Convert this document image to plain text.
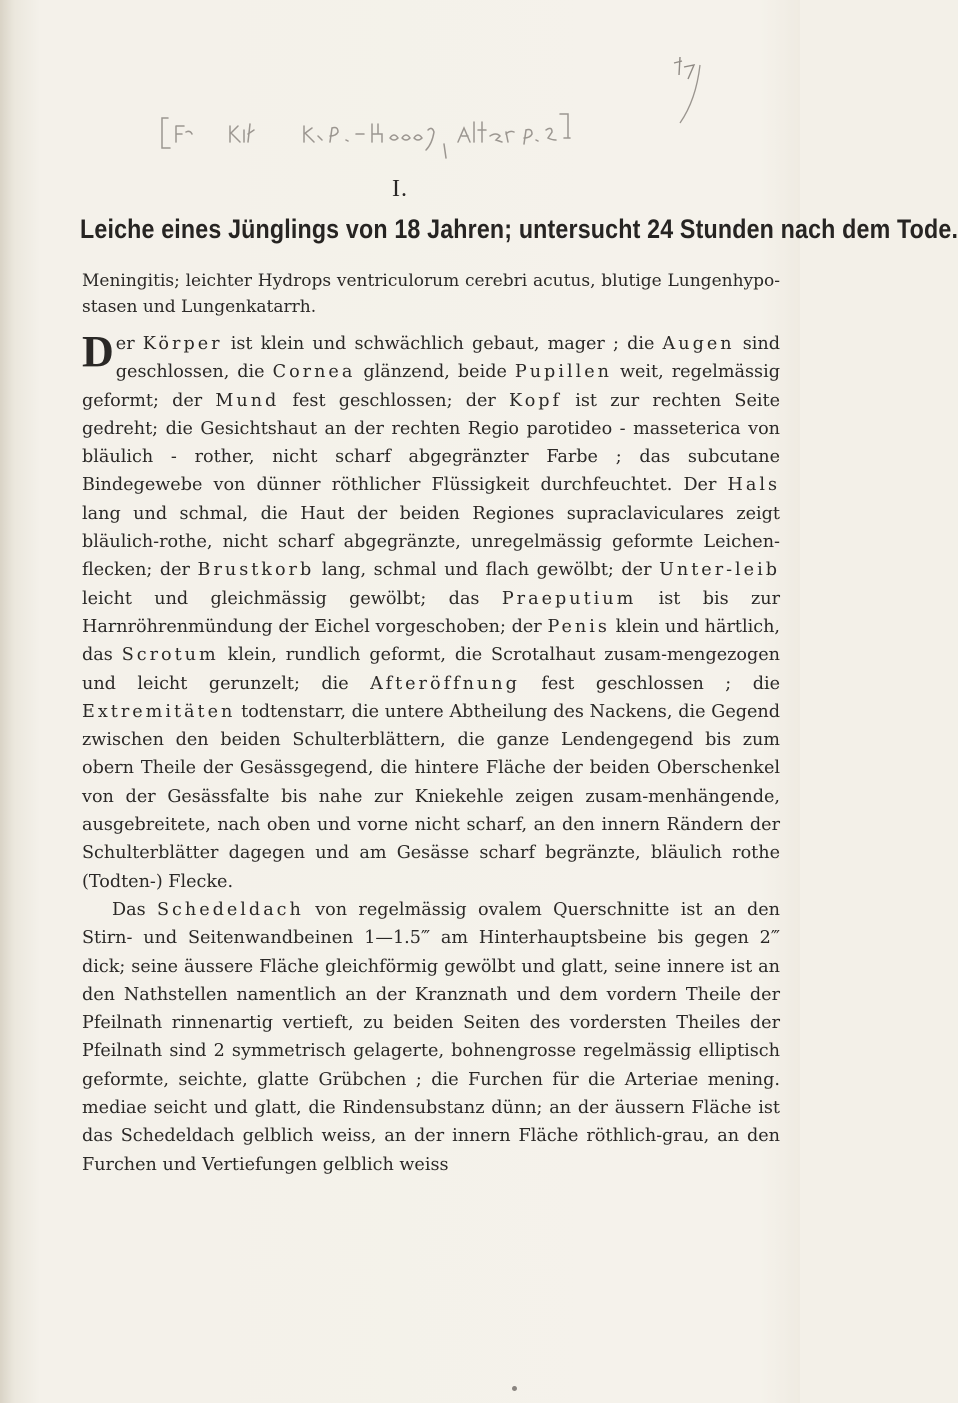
I.
Leiche eines Jünglings von 18 Jahren; untersucht 24 Stunden nach dem Tode.
Meningitis; leichter Hydrops ventriculorum cerebri acutus, blutige Lungenhypo-stasen und Lungenkatarrh.

Der Körper ist klein und schwächlich gebaut, mager ; die Augen sind geschlossen, die Cornea glänzend, beide Pupillen weit, regelmässig geformt; der Mund fest geschlossen; der Kopf ist zur rechten Seite gedreht; die Gesichtshaut an der rechten Regio parotideo - masseterica von bläulich - rother, nicht scharf abgegränzter Farbe ; das subcutane Bindegewebe von dünner röthlicher Flüssigkeit durchfeuchtet. Der Hals lang und schmal, die Haut der beiden Regiones supraclaviculares zeigt bläulich-rothe, nicht scharf abgegränzte, unregelmässig geformte Leichen-flecken; der Brustkorb lang, schmal und flach gewölbt; der Unter-leib leicht und gleichmässig gewölbt; das Praeputium ist bis zur Harnröhrenmündung der Eichel vorgeschoben; der Penis klein und härtlich, das Scrotum klein, rundlich geformt, die Scrotalhaut zusam-mengezogen und leicht gerunzelt; die Afteröffnung fest geschlossen ; die Extremitäten todtenstarr, die untere Abtheilung des Nackens, die Gegend zwischen den beiden Schulterblättern, die ganze Lendengegend bis zum obern Theile der Gesässgegend, die hintere Fläche der beiden Oberschenkel von der Gesässfalte bis nahe zur Kniekehle zeigen zusam-menhängende, ausgebreitete, nach oben und vorne nicht scharf, an den innern Rändern der Schulterblätter dagegen und am Gesässe scharf begränzte, bläulich rothe (Todten-) Flecke.

Das Schedeldach von regelmässig ovalem Querschnitte ist an den Stirn- und Seitenwandbeinen 1—1.5‴ am Hinterhauptsbeine bis gegen 2‴ dick; seine äussere Fläche gleichförmig gewölbt und glatt, seine innere ist an den Nathstellen namentlich an der Kranznath und dem vordern Theile der Pfeilnath rinnenartig vertieft, zu beiden Seiten des vordersten Theiles der Pfeilnath sind 2 symmetrisch gelagerte, bohnengrosse regelmässig elliptisch geformte, seichte, glatte Grübchen ; die Furchen für die Arteriae mening. mediae seicht und glatt, die Rindensubstanz dünn; an der äussern Fläche ist das Schedeldach gelblich weiss, an der innern Fläche röthlich-grau, an den Furchen und Vertiefungen gelblich weiss
